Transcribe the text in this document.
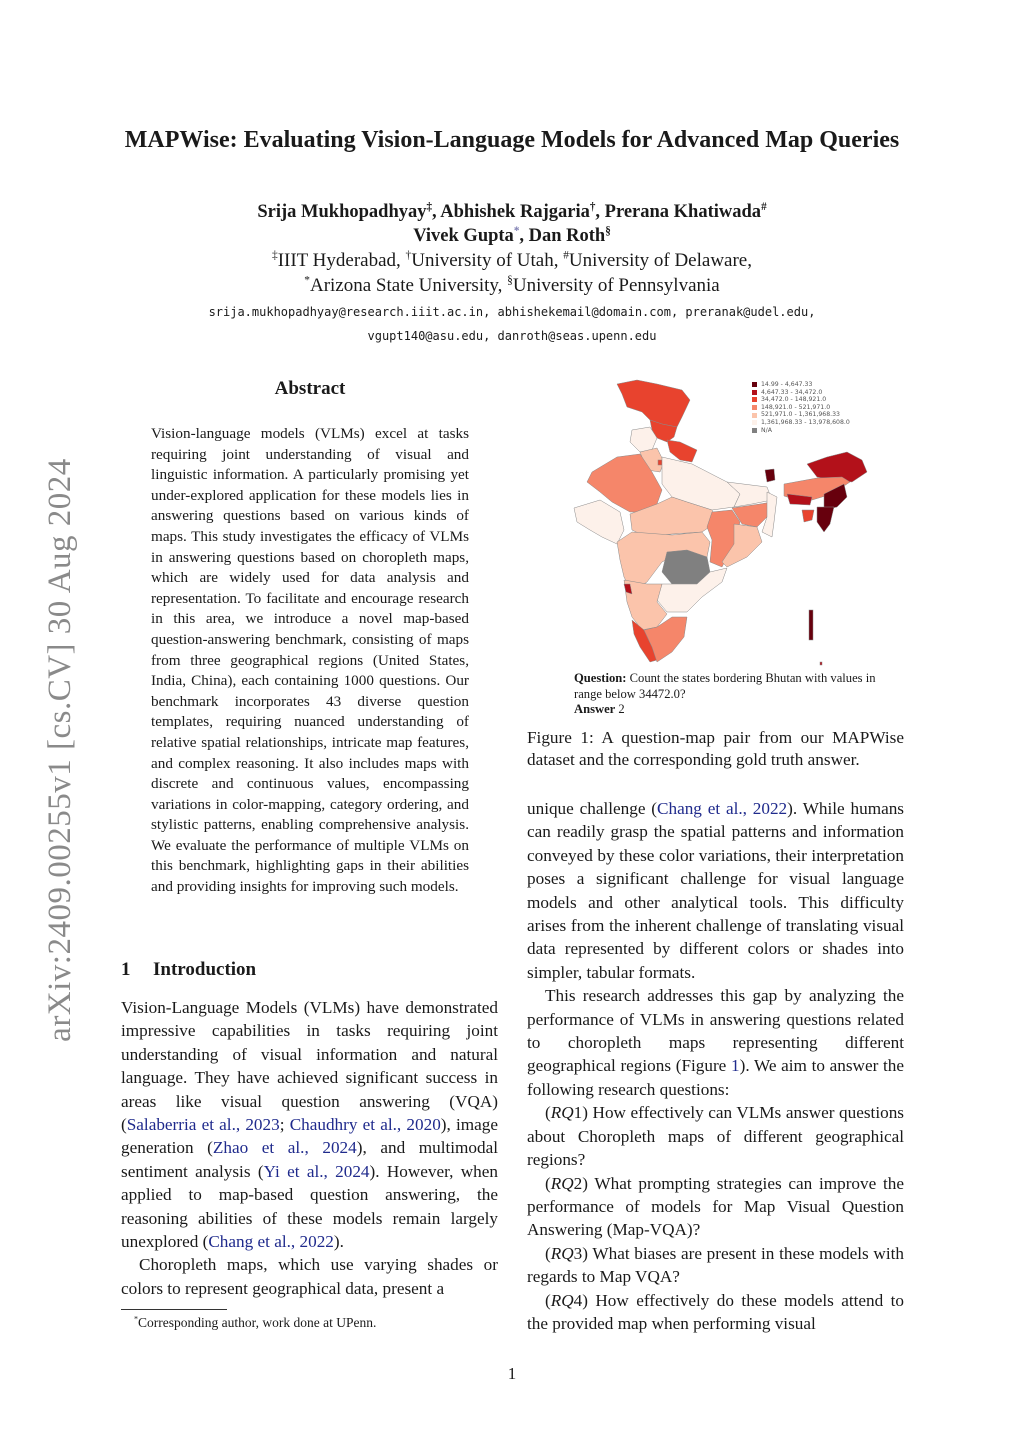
arXiv:2409.00255v1 [cs.CV] 30 Aug 2024
MAPWise: Evaluating Vision-Language Models for Advanced Map Queries
Srija Mukhopadhyay‡, Abhishek Rajgaria†, Prerana Khatiwada#
Vivek Gupta*, Dan Roth§
‡IIIT Hyderabad, †University of Utah, #University of Delaware,
*Arizona State University, §University of Pennsylvania
srija.mukhopadhyay@research.iiit.ac.in, abhishekemail@domain.com, preranak@udel.edu,
vgupt140@asu.edu, danroth@seas.upenn.edu
Abstract
Vision-language models (VLMs) excel at tasks requiring joint understanding of visual and linguistic information. A particularly promising yet under-explored application for these models lies in answering questions based on various kinds of maps. This study investigates the efficacy of VLMs in answering questions based on choropleth maps, which are widely used for data analysis and representation. To facilitate and encourage research in this area, we introduce a novel map-based question-answering benchmark, consisting of maps from three geographical regions (United States, India, China), each containing 1000 questions. Our benchmark incorporates 43 diverse question templates, requiring nuanced understanding of relative spatial relationships, intricate map features, and complex reasoning. It also includes maps with discrete and continuous values, encompassing variations in color-mapping, category ordering, and stylistic patterns, enabling comprehensive analysis. We evaluate the performance of multiple VLMs on this benchmark, highlighting gaps in their abilities and providing insights for improving such models.
1 Introduction
Vision-Language Models (VLMs) have demonstrated impressive capabilities in tasks requiring joint understanding of visual information and natural language. They have achieved significant success in areas like visual question answering (VQA) (Salaberria et al., 2023; Chaudhry et al., 2020), image generation (Zhao et al., 2024), and multimodal sentiment analysis (Yi et al., 2024). However, when applied to map-based question answering, the reasoning abilities of these models remain largely unexplored (Chang et al., 2022).
Choropleth maps, which use varying shades or colors to represent geographical data, present a
*Corresponding author, work done at UPenn.
14.99 - 4,647.33
4,647.33 - 34,472.0
34,472.0 - 148,921.0
148,921.0 - 521,971.0
521,971.0 - 1,361,968.33
1,361,968.33 - 13,978,608.0
N/A
Question: Count the states bordering Bhutan with values in range below 34472.0?
Answer 2
Figure 1: A question-map pair from our MAPWise dataset and the corresponding gold truth answer.
unique challenge (Chang et al., 2022). While humans can readily grasp the spatial patterns and information conveyed by these color variations, their interpretation poses a significant challenge for visual language models and other analytical tools. This difficulty arises from the inherent challenge of translating visual data represented by different colors or shades into simpler, tabular formats.
This research addresses this gap by analyzing the performance of VLMs in answering questions related to choropleth maps representing different geographical regions (Figure 1). We aim to answer the following research questions:
(RQ1) How effectively can VLMs answer questions about Choropleth maps of different geographical regions?
(RQ2) What prompting strategies can improve the performance of models for Map Visual Question Answering (Map-VQA)?
(RQ3) What biases are present in these models with regards to Map VQA?
(RQ4) How effectively do these models attend to the provided map when performing visual
1
